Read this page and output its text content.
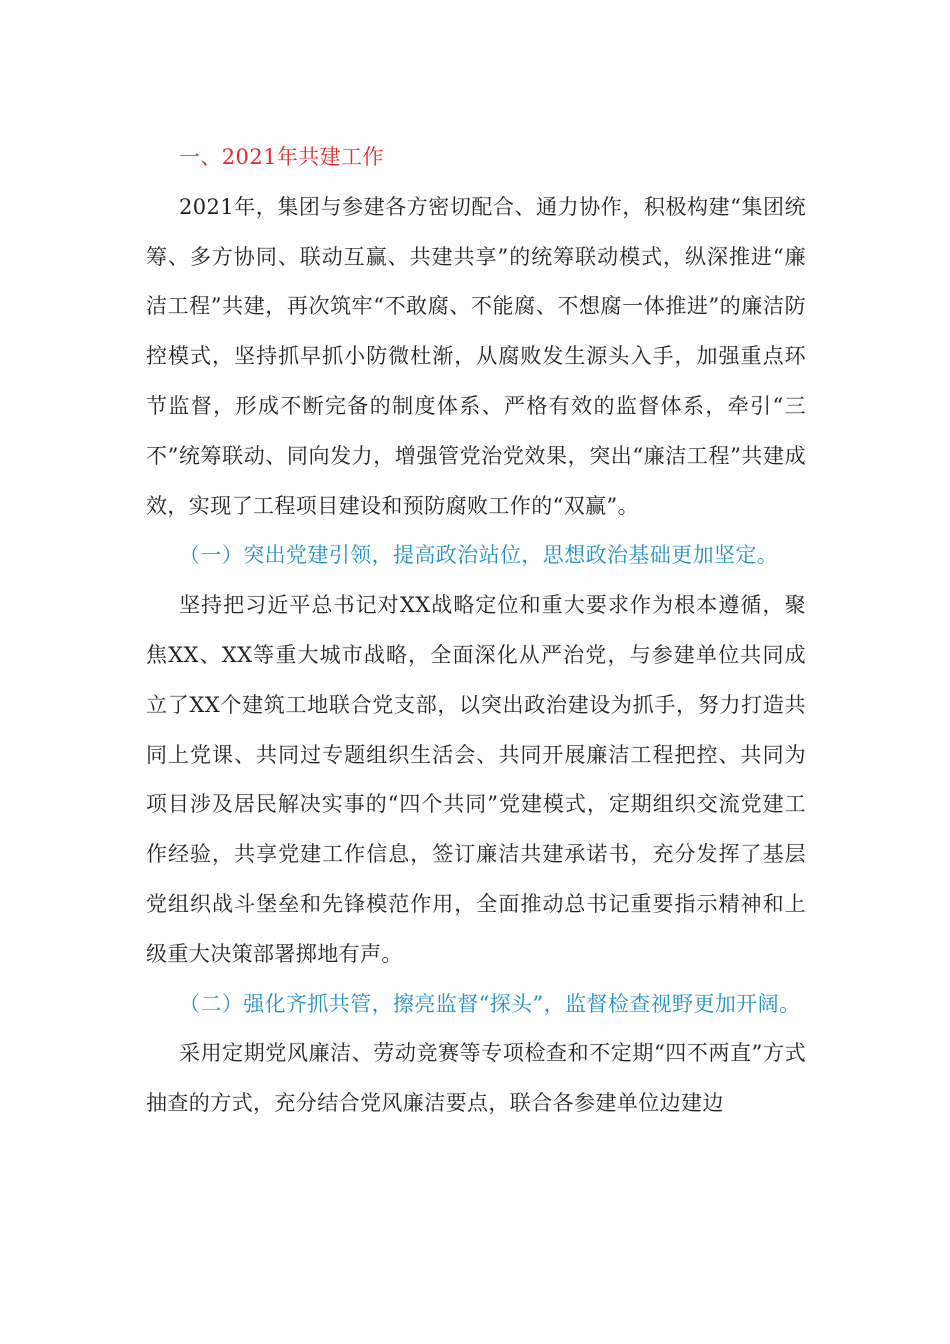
一、2021年共建工作

2021年，集团与参建各方密切配合、通力协作，积极构建“集团统筹、多方协同、联动互赢、共建共享”的统筹联动模式，纵深推进“廉洁工程”共建，再次筑牢“不敢腐、不能腐、不想腐一体推进”的廉洁防控模式，坚持抓早抓小防微杜渐，从腐败发生源头入手，加强重点环节监督，形成不断完备的制度体系、严格有效的监督体系，牵引“三不”统筹联动、同向发力，增强管党治党效果，突出“廉洁工程”共建成效，实现了工程项目建设和预防腐败工作的“双赢”。

（一）突出党建引领，提高政治站位，思想政治基础更加坚定。

坚持把习近平总书记对XX战略定位和重大要求作为根本遵循，聚焦XX、XX等重大城市战略，全面深化从严治党，与参建单位共同成立了XX个建筑工地联合党支部，以突出政治建设为抓手，努力打造共同上党课、共同过专题组织生活会、共同开展廉洁工程把控、共同为项目涉及居民解决实事的“四个共同”党建模式，定期组织交流党建工作经验，共享党建工作信息，签订廉洁共建承诺书，充分发挥了基层党组织战斗堡垒和先锋模范作用，全面推动总书记重要指示精神和上级重大决策部署掷地有声。

（二）强化齐抓共管，擦亮监督“探头”，监督检查视野更加开阔。

采用定期党风廉洁、劳动竞赛等专项检查和不定期“四不两直”方式抽查的方式，充分结合党风廉洁要点，联合各参建单位边建边
